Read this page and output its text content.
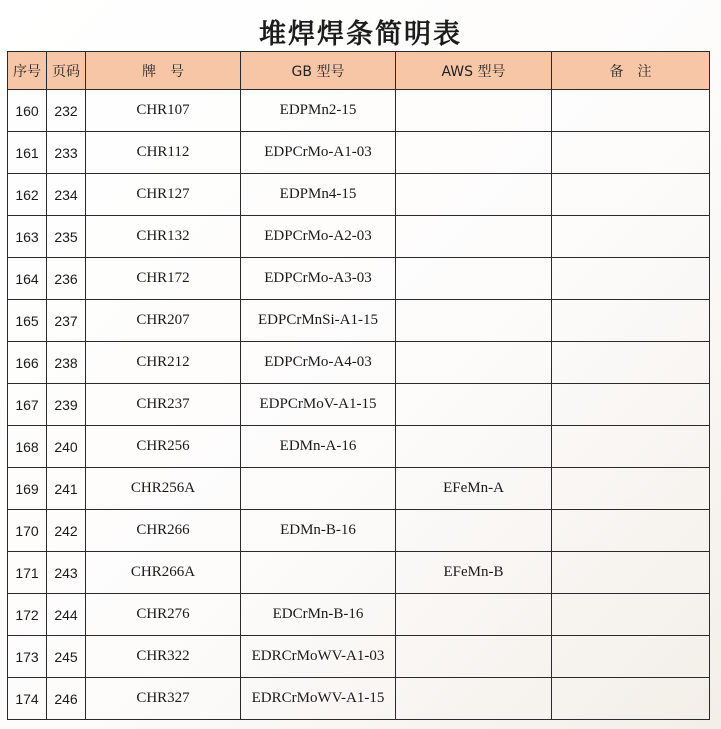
堆焊焊条简明表
序号	页码	牌　号	GB 型号	AWS 型号	备　注
160	232	CHR107	EDPMn2-15		
161	233	CHR112	EDPCrMo-A1-03		
162	234	CHR127	EDPMn4-15		
163	235	CHR132	EDPCrMo-A2-03		
164	236	CHR172	EDPCrMo-A3-03		
165	237	CHR207	EDPCrMnSi-A1-15		
166	238	CHR212	EDPCrMo-A4-03		
167	239	CHR237	EDPCrMoV-A1-15		
168	240	CHR256	EDMn-A-16		
169	241	CHR256A		EFeMn-A	
170	242	CHR266	EDMn-B-16		
171	243	CHR266A		EFeMn-B	
172	244	CHR276	EDCrMn-B-16		
173	245	CHR322	EDRCrMoWV-A1-03		
174	246	CHR327	EDRCrMoWV-A1-15		
